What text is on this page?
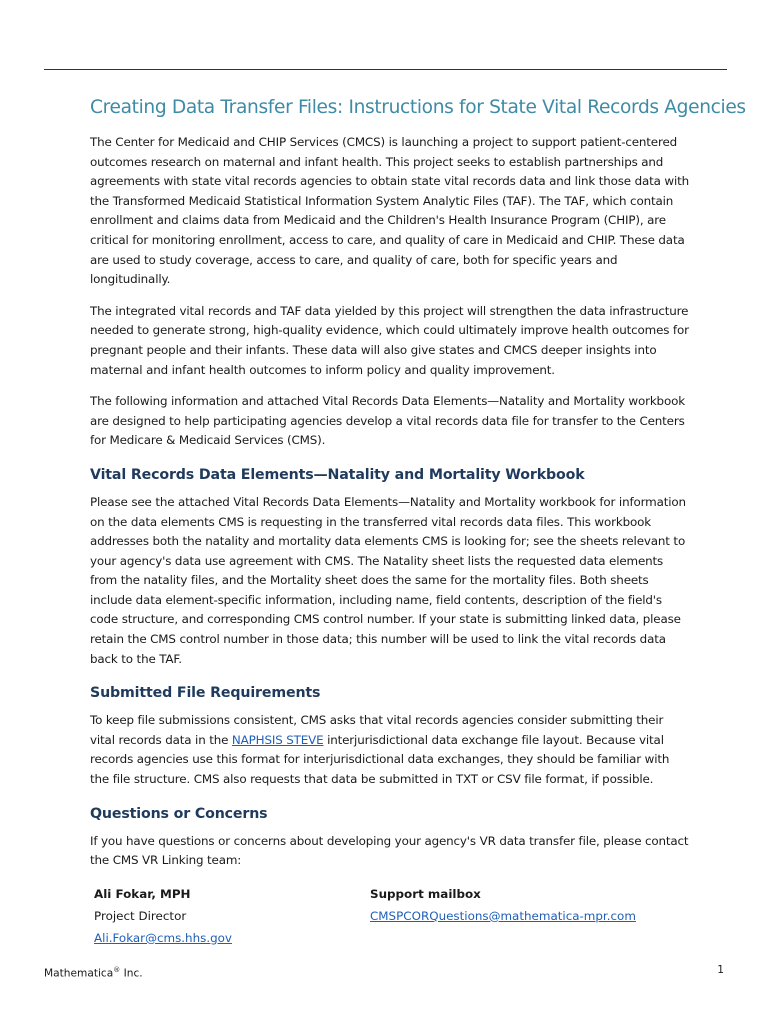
Creating Data Transfer Files: Instructions for State Vital Records Agencies

The Center for Medicaid and CHIP Services (CMCS) is launching a project to support patient-centered outcomes research on maternal and infant health. This project seeks to establish partnerships and agreements with state vital records agencies to obtain state vital records data and link those data with the Transformed Medicaid Statistical Information System Analytic Files (TAF). The TAF, which contain enrollment and claims data from Medicaid and the Children's Health Insurance Program (CHIP), are critical for monitoring enrollment, access to care, and quality of care in Medicaid and CHIP. These data are used to study coverage, access to care, and quality of care, both for specific years and longitudinally.

The integrated vital records and TAF data yielded by this project will strengthen the data infrastructure needed to generate strong, high-quality evidence, which could ultimately improve health outcomes for pregnant people and their infants. These data will also give states and CMCS deeper insights into maternal and infant health outcomes to inform policy and quality improvement.

The following information and attached Vital Records Data Elements—Natality and Mortality workbook are designed to help participating agencies develop a vital records data file for transfer to the Centers for Medicare & Medicaid Services (CMS).

Vital Records Data Elements—Natality and Mortality Workbook

Please see the attached Vital Records Data Elements—Natality and Mortality workbook for information on the data elements CMS is requesting in the transferred vital records data files. This workbook addresses both the natality and mortality data elements CMS is looking for; see the sheets relevant to your agency's data use agreement with CMS. The Natality sheet lists the requested data elements from the natality files, and the Mortality sheet does the same for the mortality files. Both sheets include data element-specific information, including name, field contents, description of the field's code structure, and corresponding CMS control number. If your state is submitting linked data, please retain the CMS control number in those data; this number will be used to link the vital records data back to the TAF.

Submitted File Requirements

To keep file submissions consistent, CMS asks that vital records agencies consider submitting their vital records data in the NAPHSIS STEVE interjurisdictional data exchange file layout. Because vital records agencies use this format for interjurisdictional data exchanges, they should be familiar with the file structure. CMS also requests that data be submitted in TXT or CSV file format, if possible.

Questions or Concerns

If you have questions or concerns about developing your agency's VR data transfer file, please contact the CMS VR Linking team:

Ali Fokar, MPH
Project Director
Ali.Fokar@cms.hhs.gov
Support mailbox
CMSPCORQuestions@mathematica-mpr.com
Mathematica® Inc.	1
